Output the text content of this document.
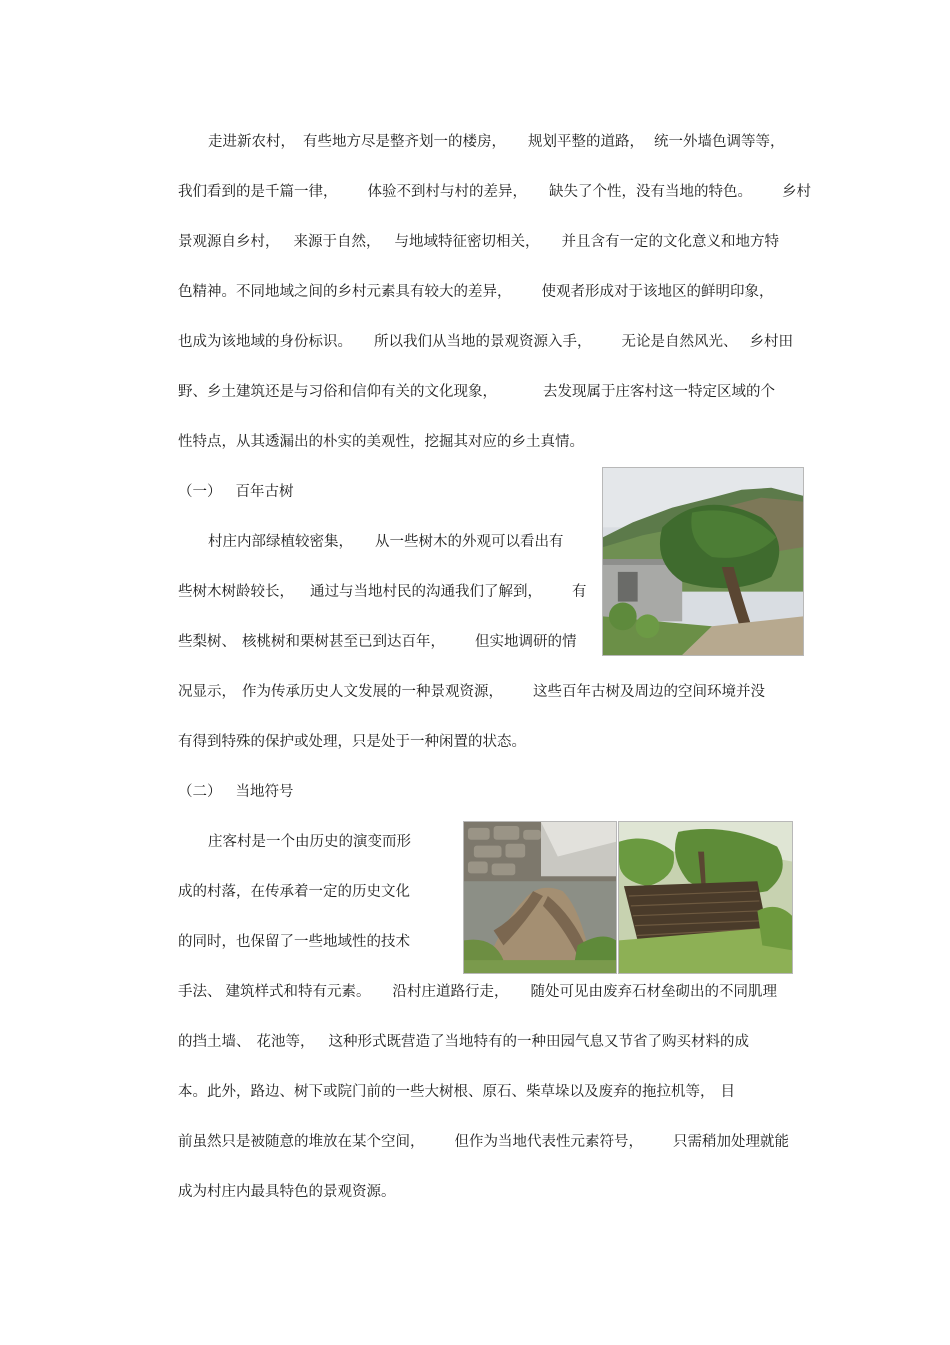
走进新农村， 有些地方尽是整齐划一的楼房， 规划平整的道路， 统一外墙色调等等，
我们看到的是千篇一律， 体验不到村与村的差异， 缺失了个性，没有当地的特色。 乡村
景观源自乡村， 来源于自然， 与地域特征密切相关， 并且含有一定的文化意义和地方特
色精神。不同地域之间的乡村元素具有较大的差异， 使观者形成对于该地区的鲜明印象，
也成为该地域的身份标识。 所以我们从当地的景观资源入手， 无论是自然风光、 乡村田
野、乡土建筑还是与习俗和信仰有关的文化现象，	去发现属于庄客村这一特定区域的个
性特点，从其透漏出的朴实的美观性，挖掘其对应的乡土真情。
（一） 百年古树
村庄内部绿植较密集， 从一些树木的外观可以看出有
些树木树龄较长， 通过与当地村民的沟通我们了解到， 有
些梨树、 核桃树和栗树甚至已到达百年， 但实地调研的情
况显示， 作为传承历史人文发展的一种景观资源， 这些百年古树及周边的空间环境并没
有得到特殊的保护或处理，只是处于一种闲置的状态。
（二） 当地符号
庄客村是一个由历史的演变而形
成的村落，在传承着一定的历史文化
的同时，也保留了一些地域性的技术
手法、 建筑样式和特有元素。 沿村庄道路行走， 随处可见由废弃石材垒砌出的不同肌理
的挡土墙、 花池等， 这种形式既营造了当地特有的一种田园气息又节省了购买材料的成
本。此外，路边、树下或院门前的一些大树根、原石、柴草垛以及废弃的拖拉机等， 目
前虽然只是被随意的堆放在某个空间， 但作为当地代表性元素符号， 只需稍加处理就能
成为村庄内最具特色的景观资源。
